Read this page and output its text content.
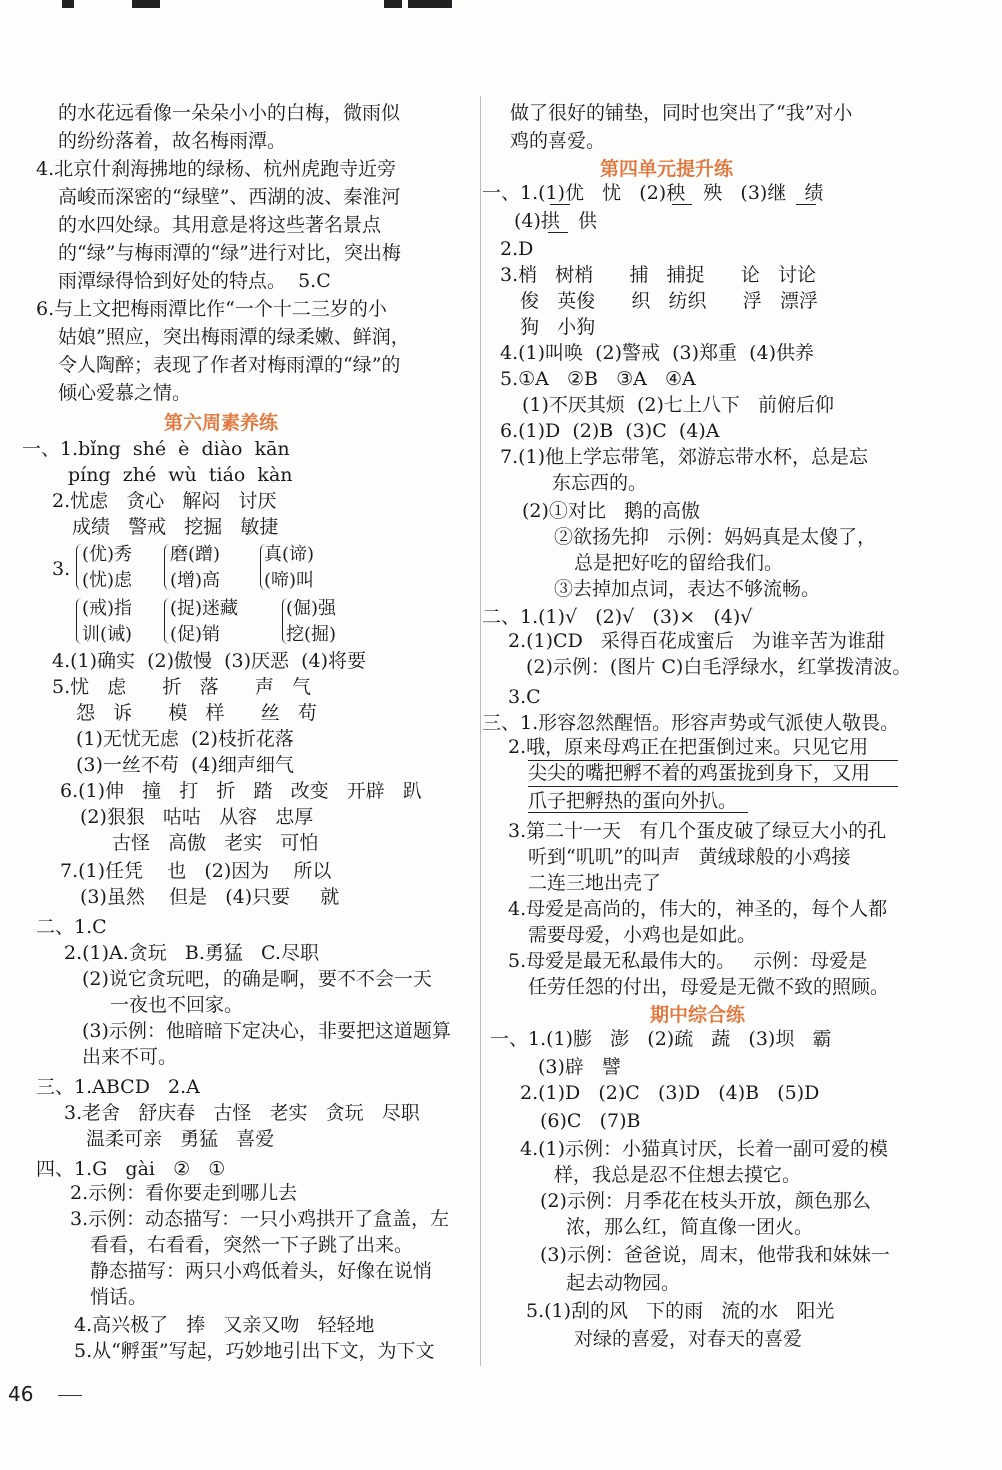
的水花远看像一朵朵小小的白梅，微雨似
的纷纷落着，故名梅雨潭。
4.北京什刹海拂地的绿杨、杭州虎跑寺近旁
高峻而深密的“绿壁”、西湖的波、秦淮河
的水四处绿。其用意是将这些著名景点
的“绿”与梅雨潭的“绿”进行对比，突出梅
雨潭绿得恰到好处的特点。  5.C
6.与上文把梅雨潭比作“一个十二三岁的小
姑娘”照应，突出梅雨潭的绿柔嫩、鲜润，
令人陶醉；表现了作者对梅雨潭的“绿”的
倾心爱慕之情。
第六周素养练
一、1.bǐng  shé  è  diào  kān
píng  zhé  wù  tiáo  kàn
2.忧虑   贪心   解闷   讨厌
成绩   警戒   挖掘   敏捷
3.
(优)秀
(忧)虑
磨(蹭)
(增)高
真(谛)
(啼)叫
(戒)指
训(诫)
(捉)迷藏
(促)销
(倔)强
挖(掘)
4.(1)确实  (2)傲慢  (3)厌恶  (4)将要
5.忧   虑      折   落      声   气
怨   诉      模   样      丝   苟
(1)无忧无虑  (2)枝折花落
(3)一丝不苟  (4)细声细气
6.(1)伸   撞   打   折   踏   改变   开辟   趴
(2)狠狠   咕咕   从容   忠厚
古怪   高傲   老实   可怕
7.(1)任凭    也   (2)因为    所以
(3)虽然    但是   (4)只要     就
二、1.C
2.(1)A.贪玩   B.勇猛   C.尽职
(2)说它贪玩吧，的确是啊，要不不会一天
一夜也不回家。
(3)示例：他暗暗下定决心，非要把这道题算
出来不可。
三、1.ABCD   2.A
3.老舍   舒庆春   古怪   老实   贪玩   尽职
温柔可亲   勇猛   喜爱
四、1.G   gài   ②   ①
2.示例：看你要走到哪儿去
3.示例：动态描写：一只小鸡拱开了盒盖，左
看看，右看看，突然一下子跳了出来。
静态描写：两只小鸡低着头，好像在说悄
悄话。
4.高兴极了   捧   又亲又吻   轻轻地
5.从“孵蛋”写起，巧妙地引出下文，为下文
做了很好的铺垫，同时也突出了“我”对小
鸡的喜爱。
第四单元提升练
一、1.(1)优   忧   (2)秧   殃   (3)继   绩
(4)拱   供
2.D
3.梢   树梢      捕   捕捉      论   讨论
俊   英俊      织   纺织      浮   漂浮
狗   小狗
4.(1)叫唤  (2)警戒  (3)郑重  (4)供养
5.①A   ②B   ③A   ④A
(1)不厌其烦  (2)七上八下   前俯后仰
6.(1)D  (2)B  (3)C  (4)A
7.(1)他上学忘带笔，郊游忘带水杯，总是忘
东忘西的。
(2)①对比   鹅的高傲
②欲扬先抑   示例：妈妈真是太傻了，
总是把好吃的留给我们。
③去掉加点词，表达不够流畅。
二、1.(1)√   (2)√   (3)×   (4)√
2.(1)CD   采得百花成蜜后   为谁辛苦为谁甜
(2)示例：(图片 C)白毛浮绿水，红掌拨清波。
3.C
三、1.形容忽然醒悟。形容声势或气派使人敬畏。
2.哦，原来母鸡正在把蛋倒过来。只见它用
尖尖的嘴把孵不着的鸡蛋拢到身下，又用
爪子把孵热的蛋向外扒。
3.第二十一天   有几个蛋皮破了绿豆大小的孔
听到“叽叽”的叫声   黄绒球般的小鸡接
二连三地出壳了
4.母爱是高尚的，伟大的，神圣的，每个人都
需要母爱，小鸡也是如此。
5.母爱是最无私最伟大的。   示例：母爱是
任劳任怨的付出，母爱是无微不致的照顾。
期中综合练
一、1.(1)膨   澎   (2)疏   蔬   (3)坝   霸
(3)辟   譬
2.(1)D   (2)C   (3)D   (4)B   (5)D
(6)C   (7)B
4.(1)示例：小猫真讨厌，长着一副可爱的模
样，我总是忍不住想去摸它。
(2)示例：月季花在枝头开放，颜色那么
浓，那么红，简直像一团火。
(3)示例：爸爸说，周末，他带我和妹妹一
起去动物园。
5.(1)刮的风   下的雨   流的水   阳光
对绿的喜爱，对春天的喜爱
46
